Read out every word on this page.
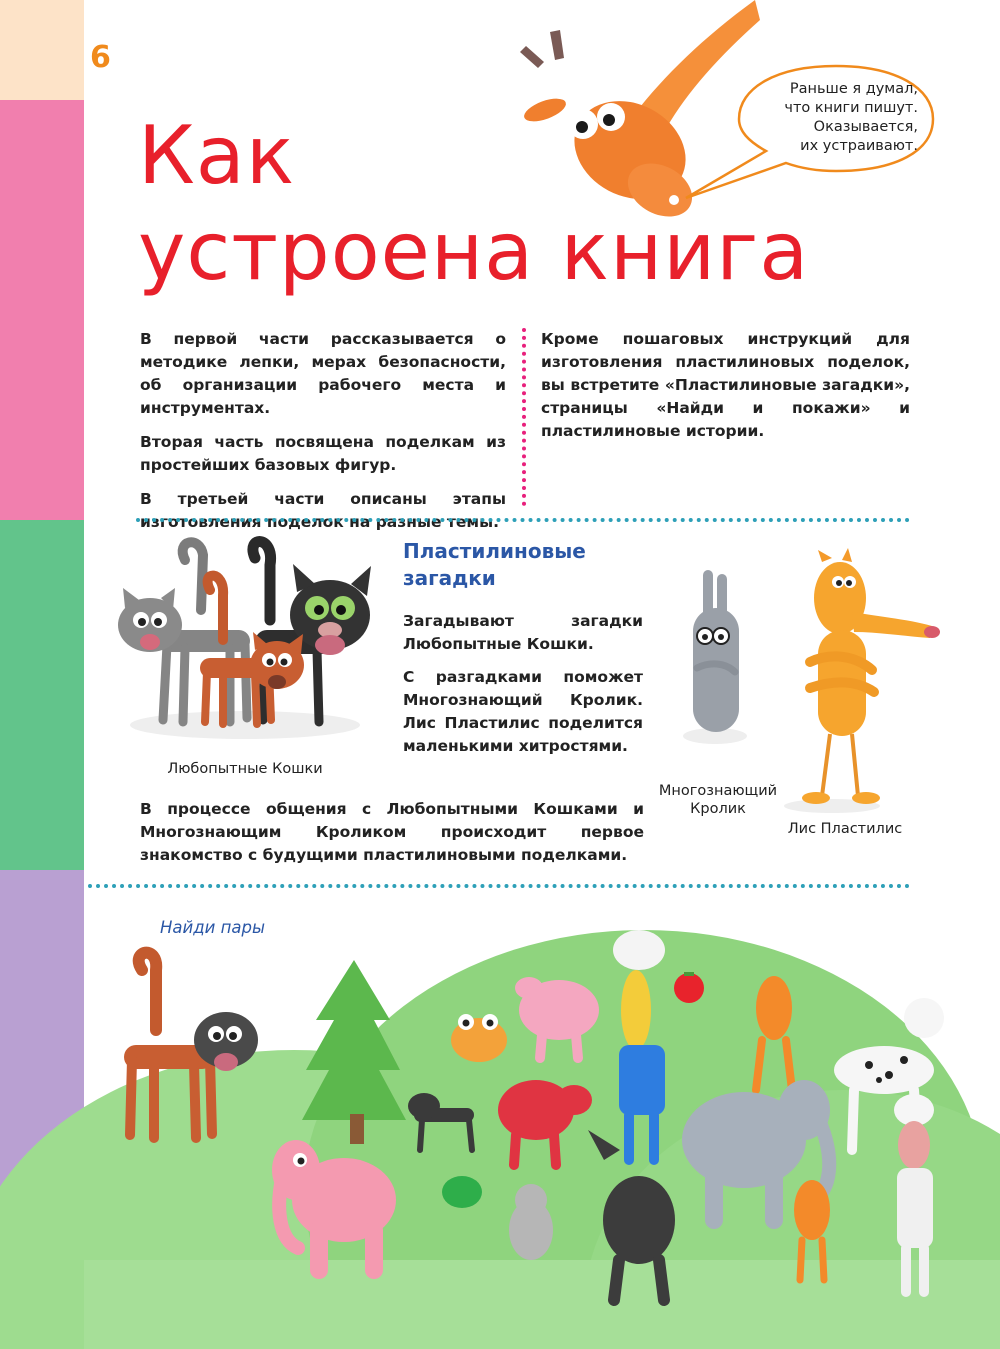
6
Как
устроена книга
Раньше я думал,
что книги пишут.
Оказывается,
их устраивают.

В первой части рассказывается о методике лепки, мерах безопасности, об организации рабочего места и инструментах.

Вторая часть посвящена поделкам из простейших базовых фигур.

В третьей части описаны этапы изготовления поделок на разные темы.

Кроме пошаговых инструкций для изготовления пластилиновых поделок, вы встретите «Пластилиновые загадки», страницы «Найди и покажи» и пластилиновые истории.

Любопытные Кошки
Пластилиновые
загадки

Загадывают загадки Любопытные Кошки.

С разгадками поможет Многознающий Кролик. Лис Пластилис поделится маленькими хитростями.

Многознающий
Кролик
Лис Пластилис
В процессе общения с Любопытными Кошками и Многознающим Кроликом происходит первое знакомство с будущими пластилиновыми поделками.
Найди пары
